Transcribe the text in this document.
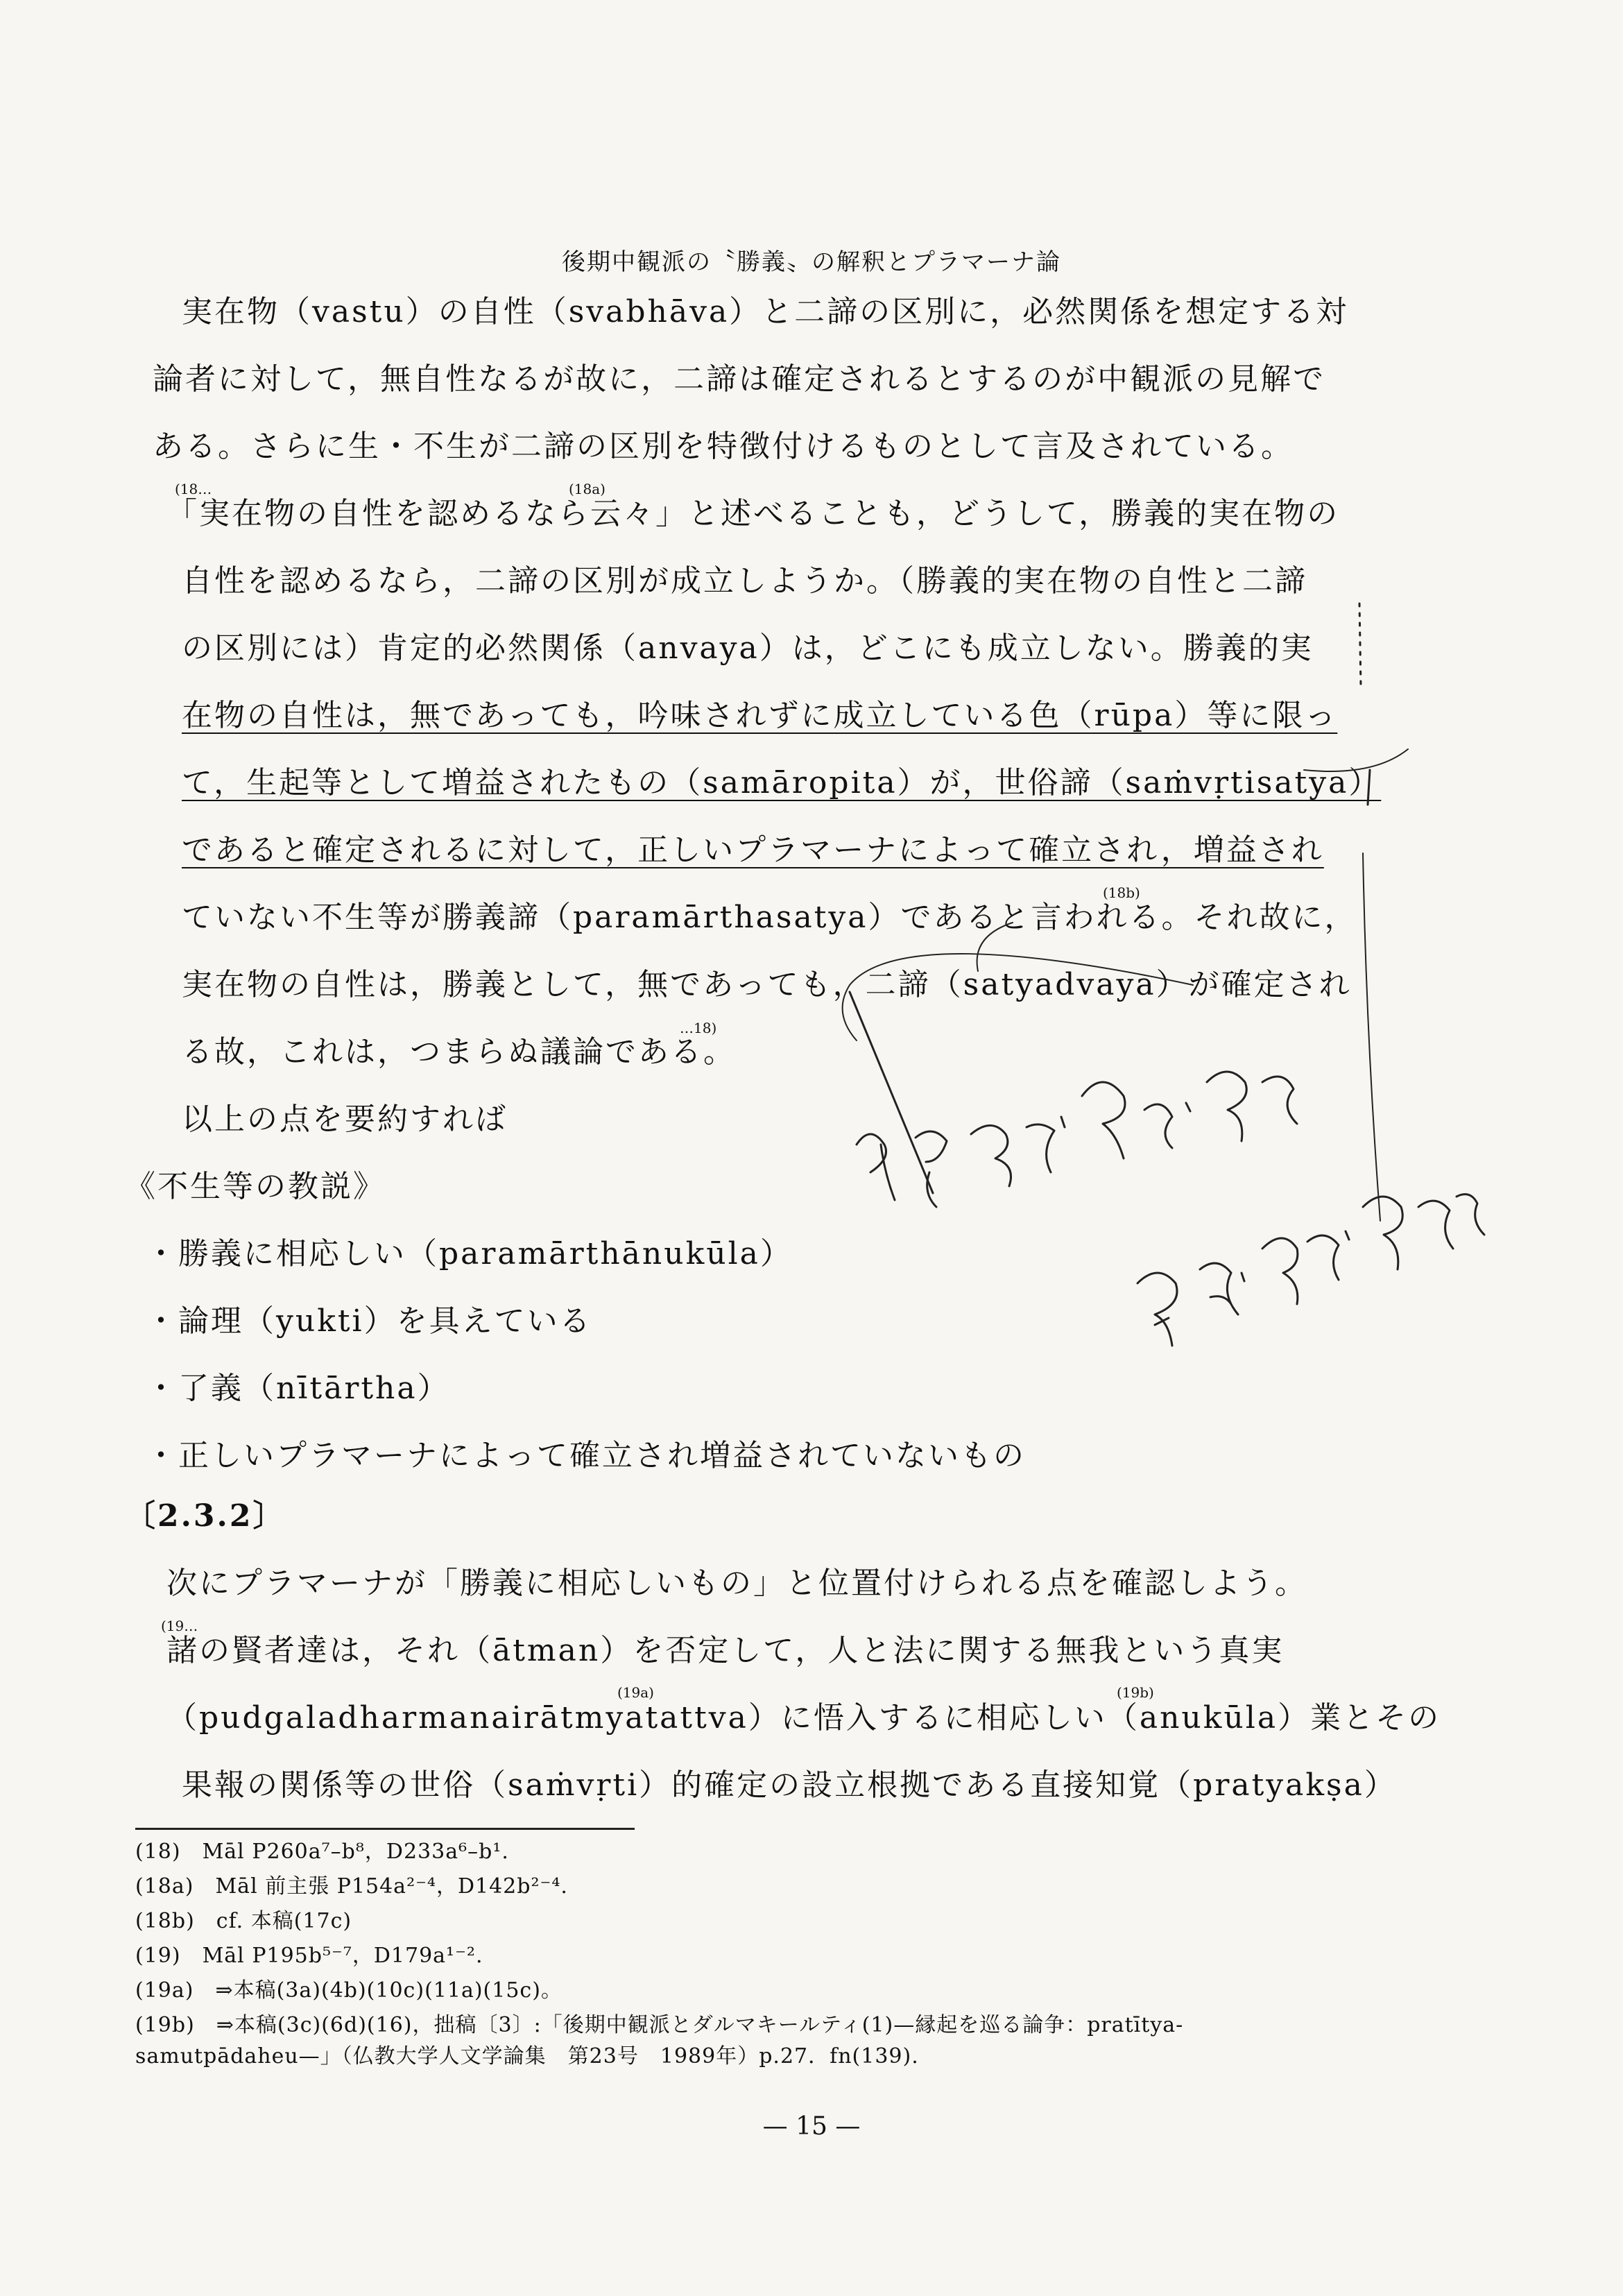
後期中観派の〝勝義〟の解釈とプラマーナ論
実在物（vastu）の自性（svabhāva）と二諦の区別に，必然関係を想定する対
論者に対して，無自性なるが故に，二諦は確定されるとするのが中観派の見解で
ある。さらに生・不生が二諦の区別を特徴付けるものとして言及されている。
「実在物の自性を認めるなら云々」と述べることも，どうして，勝義的実在物の
自性を認めるなら，二諦の区別が成立しようか。（勝義的実在物の自性と二諦
の区別には）肯定的必然関係（anvaya）は，どこにも成立しない。勝義的実
在物の自性は，無であっても，吟味されずに成立している色（rūpa）等に限っ
て，生起等として増益されたもの（samāropita）が，世俗諦（saṁvṛtisatya）
であると確定されるに対して，正しいプラマーナによって確立され，増益され
ていない不生等が勝義諦（paramārthasatya）であると言われる。それ故に，
実在物の自性は，勝義として，無であっても，二諦（satyadvaya）が確定され
る故，これは，つまらぬ議論である。
以上の点を要約すれば
《不生等の教説》
・勝義に相応しい（paramārthānukūla）
・論理（yukti）を具えている
・了義（nītārtha）
・正しいプラマーナによって確立され増益されていないもの
〔2.3.2〕
次にプラマーナが「勝義に相応しいもの」と位置付けられる点を確認しよう。
諸の賢者達は，それ（ātman）を否定して，人と法に関する無我という真実
（pudgaladharmanairātmyatattva）に悟入するに相応しい（anukūla）業とその
果報の関係等の世俗（saṁvṛti）的確定の設立根拠である直接知覚（pratyakṣa）
(18…	(18a)
(18b)
…18)
(19…
(19a)	(19b)
(18)　Māl P260a⁷–b⁸，D233a⁶–b¹.
(18a)　Māl 前主張 P154a²⁻⁴，D142b²⁻⁴.
(18b)　cf. 本稿(17c)
(19)　Māl P195b⁵⁻⁷，D179a¹⁻².
(19a)　⇒本稿(3a)(4b)(10c)(11a)(15c)。
(19b)　⇒本稿(3c)(6d)(16)，拙稿〔3〕:「後期中観派とダルマキールティ(1)—縁起を巡る論争：pratītya-
samutpādaheu—」（仏教大学人文学論集　第23号　1989年）p.27．fn(139).
— 15 —
